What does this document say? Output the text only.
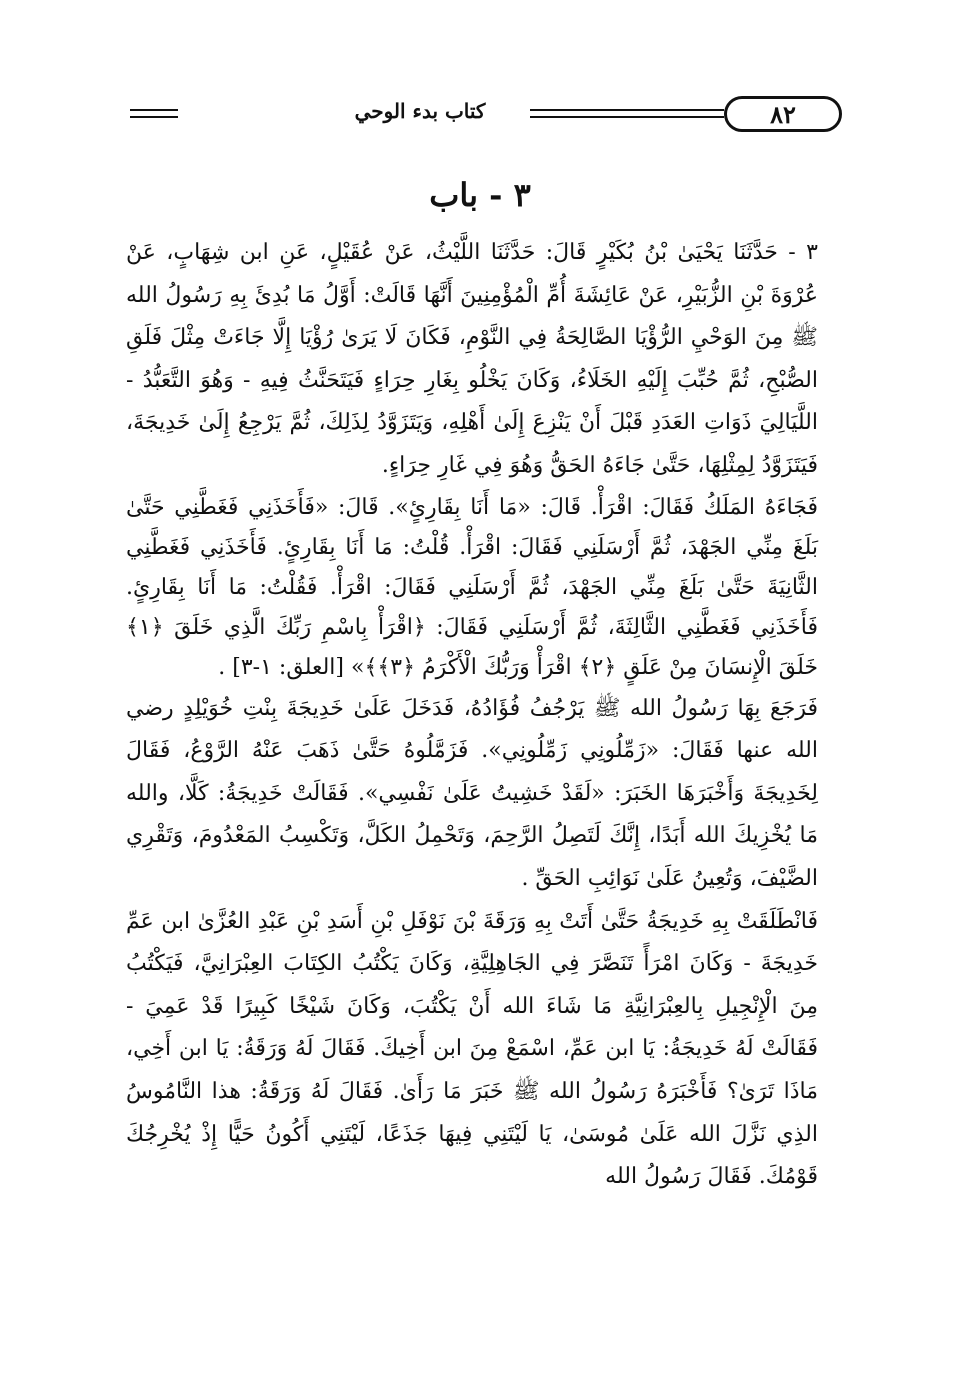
كتاب بدء الوحي	٨٢
٣ - باب

٣ - حَدَّثَنَا يَحْيَىٰ بْنُ بُكَيْرٍ قَالَ: حَدَّثَنَا اللَّيْثُ، عَنْ عُقَيْلٍ، عَنِ ابن شِهَابٍ، عَنْ عُرْوَةَ بْنِ الزُّبَيْرِ، عَنْ عَائِشَةَ أُمِّ الْمُؤْمِنِينَ أَنَّهَا قَالَتْ: أَوَّلُ مَا بُدِئَ بِهِ رَسُولُ الله ﷺ مِنَ الوَحْيِ الرُّؤْيَا الصَّالِحَةُ فِي النَّوْمِ، فَكَانَ لَا يَرَىٰ رُؤْيَا إِلَّا جَاءَتْ مِثْلَ فَلَقِ الصُّبْحِ، ثُمَّ حُبِّبَ إِلَيْهِ الخَلَاءُ، وَكَانَ يَخْلُو بِغَارِ حِرَاءٍ فَيَتَحَنَّثُ فِيهِ - وَهُوَ التَّعَبُّدُ - اللَّيَالِيَ ذَوَاتِ العَدَدِ قَبْلَ أَنْ يَنْزِعَ إِلَىٰ أَهْلِهِ، وَيَتَزَوَّدُ لِذَلِكَ، ثُمَّ يَرْجِعُ إِلَىٰ خَدِيجَةَ، فَيَتَزَوَّدُ لِمِثْلِهَا، حَتَّىٰ جَاءَهُ الحَقُّ وَهُوَ فِي غَارِ حِرَاءٍ.

فَجَاءَهُ المَلَكُ فَقَالَ: اقْرَأْ. قَالَ: «مَا أَنَا بِقَارِئٍ». قَالَ: «فَأَخَذَنِي فَغَطَّنِي حَتَّىٰ بَلَغَ مِنِّي الجَهْدَ، ثُمَّ أَرْسَلَنِي فَقَالَ: اقْرَأْ. قُلْتُ: مَا أَنَا بِقَارِئٍ. فَأَخَذَنِي فَغَطَّنِي الثَّانِيَةَ حَتَّىٰ بَلَغَ مِنِّي الجَهْدَ، ثُمَّ أَرْسَلَنِي فَقَالَ: اقْرَأْ. فَقُلْتُ: مَا أَنَا بِقَارِئٍ. فَأَخَذَنِي فَغَطَّنِي الثَّالِثَةَ، ثُمَّ أَرْسَلَنِي فَقَالَ: ﴿اقْرَأْ بِاسْمِ رَبِّكَ الَّذِي خَلَقَ ﴿١﴾ خَلَقَ الْإِنسَانَ مِنْ عَلَقٍ ﴿٢﴾ اقْرَأْ وَرَبُّكَ الْأَكْرَمُ ﴿٣﴾﴾» [العلق: ١-٣] .

فَرَجَعَ بِهَا رَسُولُ الله ﷺ يَرْجُفُ فُؤَادُهُ، فَدَخَلَ عَلَىٰ خَدِيجَةَ بِنْتِ خُوَيْلِدٍ رضي الله عنها فَقَالَ: «زَمِّلُونِي زَمِّلُونِي». فَزَمَّلُوهُ حَتَّىٰ ذَهَبَ عَنْهُ الرَّوْعُ، فَقَالَ لِخَدِيجَةَ وَأَخْبَرَهَا الخَبَرَ: «لَقَدْ خَشِيتُ عَلَىٰ نَفْسِي». فَقَالَتْ خَدِيجَةُ: كَلَّا، والله مَا يُخْزِيكَ الله أَبَدًا، إِنَّكَ لَتَصِلُ الرَّحِمَ، وَتَحْمِلُ الكَلَّ، وَتَكْسِبُ المَعْدُومَ، وَتَقْرِي الضَّيْفَ، وَتُعِينُ عَلَىٰ نَوَائِبِ الحَقِّ .

فَانْطَلَقَتْ بِهِ خَدِيجَةُ حَتَّىٰ أَتَتْ بِهِ وَرَقَةَ بْنَ نَوْفَلِ بْنِ أَسَدِ بْنِ عَبْدِ العُزَّىٰ ابن عَمِّ خَدِيجَةَ - وَكَانَ امْرَأً تَنَصَّرَ فِي الجَاهِلِيَّةِ، وَكَانَ يَكْتُبُ الكِتَابَ العِبْرَانِيَّ، فَيَكْتُبُ مِنَ الْإِنْجِيلِ بِالعِبْرَانِيَّةِ مَا شَاءَ الله أَنْ يَكْتُبَ، وَكَانَ شَيْخًا كَبِيرًا قَدْ عَمِيَ - فَقَالَتْ لَهُ خَدِيجَةُ: يَا ابن عَمِّ، اسْمَعْ مِنَ ابن أَخِيكَ. فَقَالَ لَهُ وَرَقَةُ: يَا ابن أَخِي، مَاذَا تَرَىٰ؟ فَأَخْبَرَهُ رَسُولُ الله ﷺ خَبَرَ مَا رَأَىٰ. فَقَالَ لَهُ وَرَقَةُ: هذا النَّامُوسُ الذِي نَزَّلَ الله عَلَىٰ مُوسَىٰ، يَا لَيْتَنِي فِيهَا جَذَعًا، لَيْتَنِي أَكُونُ حَيًّا إِذْ يُخْرِجُكَ قَوْمُكَ. فَقَالَ رَسُولُ الله
